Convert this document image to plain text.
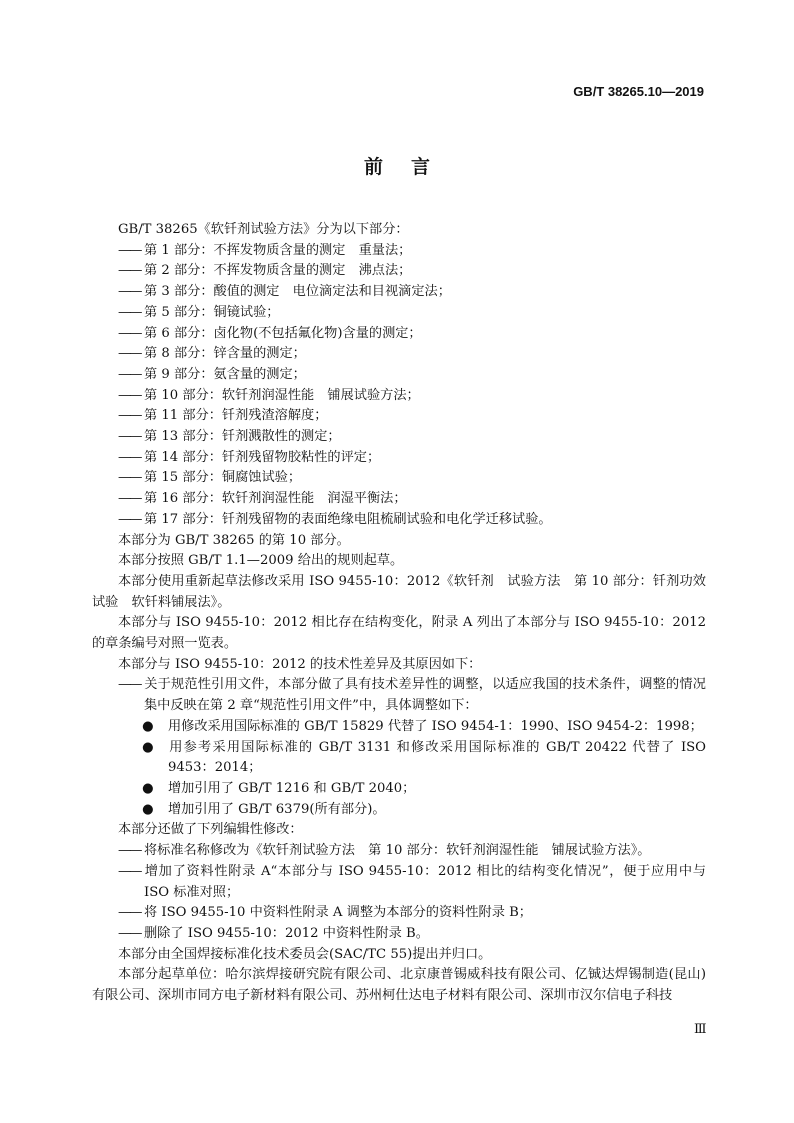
GB/T 38265.10—2019
前言
GB/T 38265《软钎剂试验方法》分为以下部分：
—— 第 1 部分：不挥发物质含量的测定　重量法；
—— 第 2 部分：不挥发物质含量的测定　沸点法；
—— 第 3 部分：酸值的测定　电位滴定法和目视滴定法；
—— 第 5 部分：铜镜试验；
—— 第 6 部分：卤化物(不包括氟化物)含量的测定；
—— 第 8 部分：锌含量的测定；
—— 第 9 部分：氨含量的测定；
—— 第 10 部分：软钎剂润湿性能　铺展试验方法；
—— 第 11 部分：钎剂残渣溶解度；
—— 第 13 部分：钎剂溅散性的测定；
—— 第 14 部分：钎剂残留物胶粘性的评定；
—— 第 15 部分：铜腐蚀试验；
—— 第 16 部分：软钎剂润湿性能　润湿平衡法；
—— 第 17 部分：钎剂残留物的表面绝缘电阻梳刷试验和电化学迁移试验。
本部分为 GB/T 38265 的第 10 部分。
本部分按照 GB/T 1.1—2009 给出的规则起草。
本部分使用重新起草法修改采用 ISO 9455-10：2012《软钎剂　试验方法　第 10 部分：钎剂功效试验　软钎料铺展法》。
本部分与 ISO 9455-10：2012 相比存在结构变化，附录 A 列出了本部分与 ISO 9455-10：2012 的章条编号对照一览表。
本部分与 ISO 9455-10：2012 的技术性差异及其原因如下：
—— 关于规范性引用文件，本部分做了具有技术差异性的调整，以适应我国的技术条件，调整的情况集中反映在第 2 章“规范性引用文件”中，具体调整如下：
● 用修改采用国际标准的 GB/T 15829 代替了 ISO 9454-1：1990、ISO 9454-2：1998；
● 用参考采用国际标准的 GB/T 3131 和修改采用国际标准的 GB/T 20422 代替了 ISO 9453：2014；
● 增加引用了 GB/T 1216 和 GB/T 2040；
● 增加引用了 GB/T 6379(所有部分)。
本部分还做了下列编辑性修改：
—— 将标准名称修改为《软钎剂试验方法　第 10 部分：软钎剂润湿性能　铺展试验方法》。
—— 增加了资料性附录 A“本部分与 ISO 9455-10：2012 相比的结构变化情况”，便于应用中与 ISO 标准对照；
—— 将 ISO 9455-10 中资料性附录 A 调整为本部分的资料性附录 B；
—— 删除了 ISO 9455-10：2012 中资料性附录 B。
本部分由全国焊接标准化技术委员会(SAC/TC 55)提出并归口。
本部分起草单位：哈尔滨焊接研究院有限公司、北京康普锡威科技有限公司、亿铖达焊锡制造(昆山)有限公司、深圳市同方电子新材料有限公司、苏州柯仕达电子材料有限公司、深圳市汉尔信电子科技
Ⅲ
